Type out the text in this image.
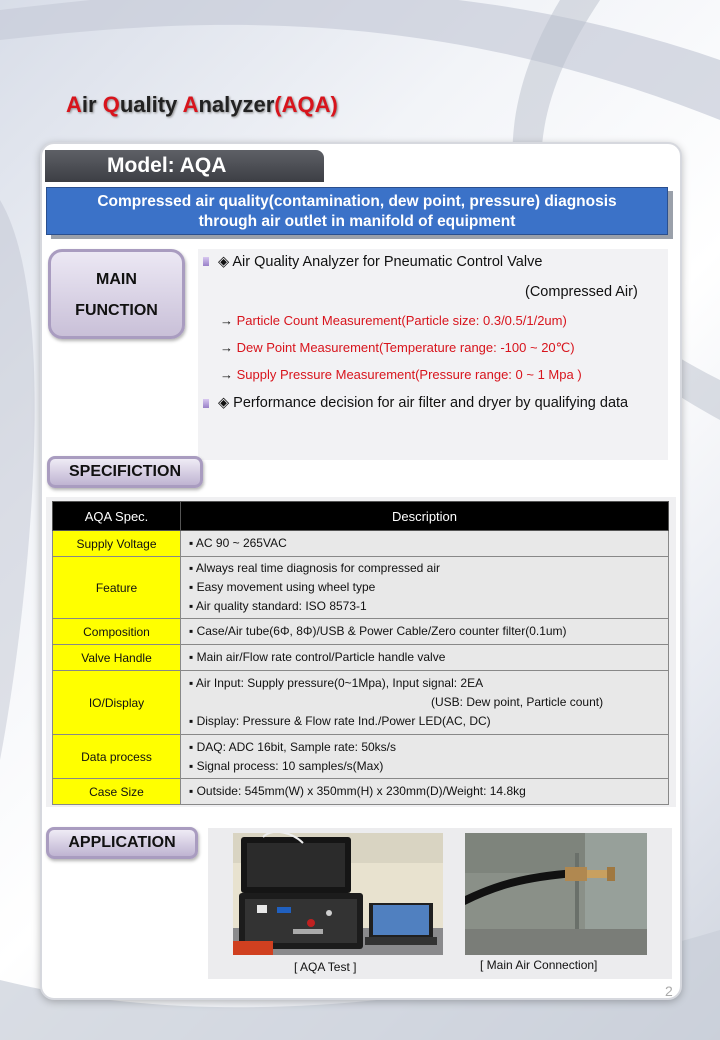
Air Quality Analyzer(AQA)
Model: AQA
Compressed air quality(contamination, dew point, pressure) diagnosis
through air outlet in manifold of equipment
MAIN
FUNCTION
◈ Air Quality Analyzer for Pneumatic Control Valve
(Compressed Air)
→ Particle Count Measurement(Particle size: 0.3/0.5/1/2um)
→ Dew Point Measurement(Temperature range: -100 ~ 20℃)
→ Supply Pressure Measurement(Pressure range: 0 ~ 1 Mpa )
◈ Performance decision for air filter and dryer by qualifying data
SPECIFICTION
AQA Spec.	Description
Supply Voltage	▪ AC 90 ~ 265VAC

Feature	▪ Always real time diagnosis for compressed air
▪ Easy movement using wheel type
▪ Air quality standard: ISO 8573-1

Composition	▪ Case/Air tube(6Φ, 8Φ)/USB & Power Cable/Zero counter filter(0.1um)

Valve Handle	▪ Main air/Flow rate control/Particle handle valve

IO/Display	▪ Air Input: Supply pressure(0~1Mpa), Input signal: 2EA
(USB: Dew point, Particle count)
▪ Display: Pressure & Flow rate Ind./Power LED(AC, DC)

Data process	▪ DAQ: ADC 16bit, Sample rate: 50ks/s
▪ Signal process: 10 samples/s(Max)

Case Size	▪ Outside: 545mm(W) x 350mm(H) x 230mm(D)/Weight: 14.8kg
APPLICATION
[ AQA Test ]	[ Main Air Connection]
2
